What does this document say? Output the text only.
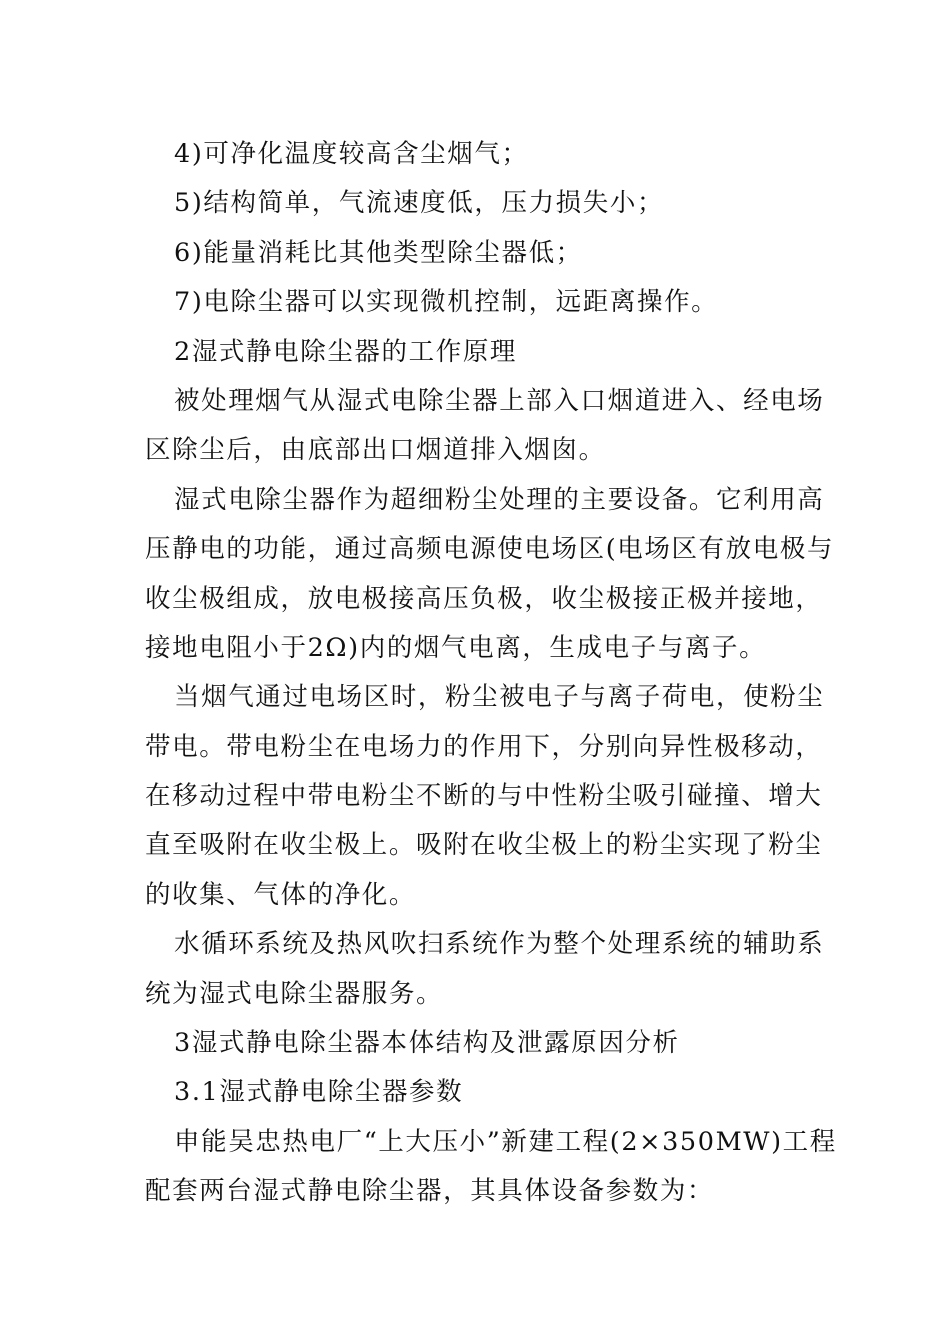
4)可净化温度较高含尘烟气；
5)结构简单，气流速度低，压力损失小；
6)能量消耗比其他类型除尘器低；
7)电除尘器可以实现微机控制，远距离操作。
2湿式静电除尘器的工作原理
被处理烟气从湿式电除尘器上部入口烟道进入、经电场
区除尘后，由底部出口烟道排入烟囱。
湿式电除尘器作为超细粉尘处理的主要设备。它利用高
压静电的功能，通过高频电源使电场区(电场区有放电极与
收尘极组成，放电极接高压负极，收尘极接正极并接地，
接地电阻小于2Ω)内的烟气电离，生成电子与离子。
当烟气通过电场区时，粉尘被电子与离子荷电，使粉尘
带电。带电粉尘在电场力的作用下，分别向异性极移动，
在移动过程中带电粉尘不断的与中性粉尘吸引碰撞、增大
直至吸附在收尘极上。吸附在收尘极上的粉尘实现了粉尘
的收集、气体的净化。
水循环系统及热风吹扫系统作为整个处理系统的辅助系
统为湿式电除尘器服务。
3湿式静电除尘器本体结构及泄露原因分析
3.1湿式静电除尘器参数
申能吴忠热电厂“上大压小”新建工程(2×350MW)工程
配套两台湿式静电除尘器，其具体设备参数为：
